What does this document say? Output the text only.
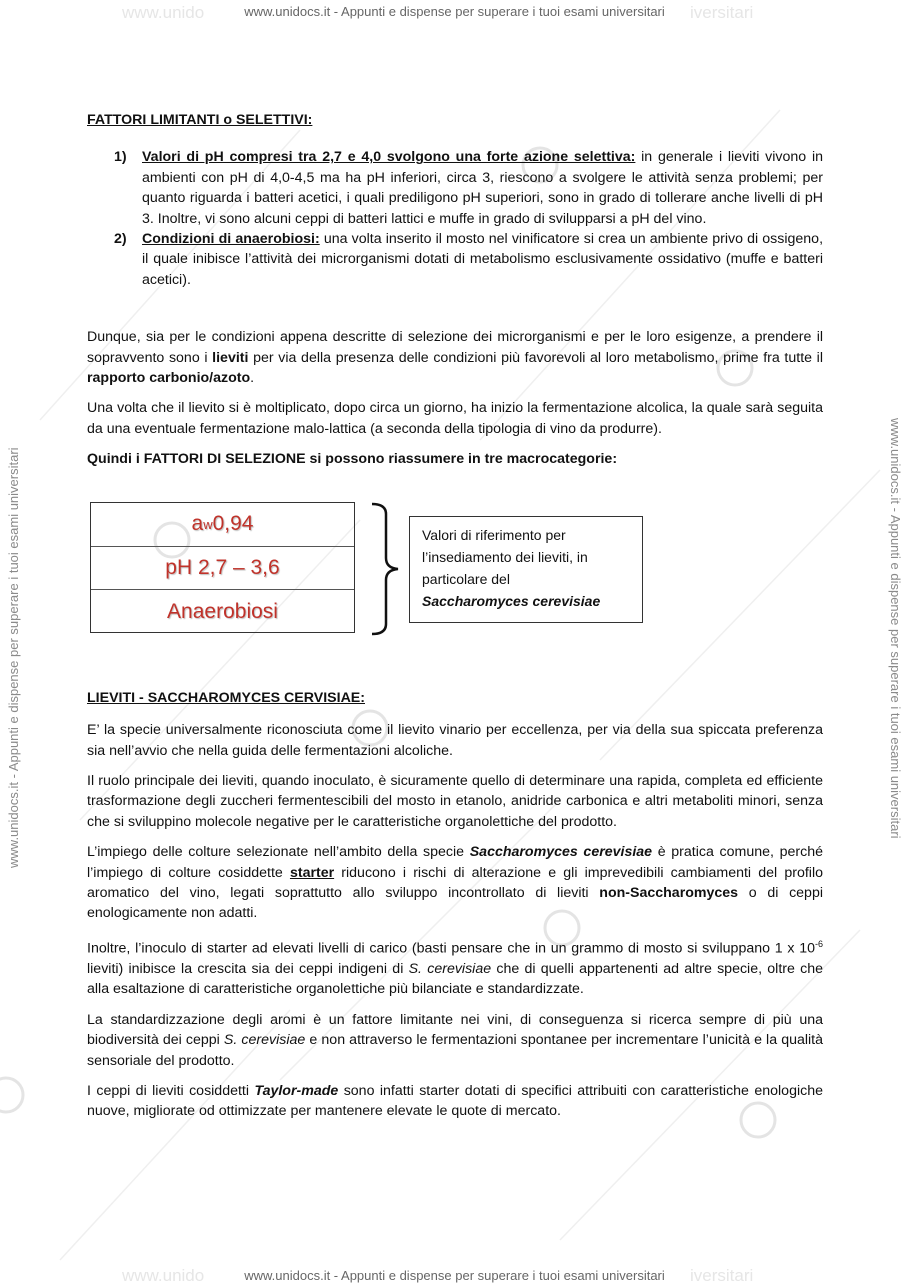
www.unido	iversitari
www.unidocs.it - Appunti e dispense per superare i tuoi esami universitari
www.unido	iversitari
www.unidocs.it - Appunti e dispense per superare i tuoi esami universitari
www.unidocs.it - Appunti e dispense per superare i tuoi esami universitari	www.unidocs.it - Appunti e dispense per superare i tuoi esami universitari
FATTORI LIMITANTI o SELETTIVI:
1) Valori di pH compresi tra 2,7 e 4,0 svolgono una forte azione selettiva: in generale i lieviti vivono in ambienti con pH di 4,0-4,5 ma ha pH inferiori, circa 3, riescono a svolgere le attività senza problemi; per quanto riguarda i batteri acetici, i quali prediligono pH superiori, sono in grado di tollerare anche livelli di pH 3. Inoltre, vi sono alcuni ceppi di batteri lattici e muffe in grado di svilupparsi a pH del vino.
2) Condizioni di anaerobiosi: una volta inserito il mosto nel vinificatore si crea un ambiente privo di ossigeno, il quale inibisce l’attività dei microrganismi dotati di metabolismo esclusivamente ossidativo (muffe e batteri acetici).

Dunque, sia per le condizioni appena descritte di selezione dei microrganismi e per le loro esigenze, a prendere il sopravvento sono i lieviti per via della presenza delle condizioni più favorevoli al loro metabolismo, prime fra tutte il rapporto carbonio/azoto.

Una volta che il lievito si è moltiplicato, dopo circa un giorno, ha inizio la fermentazione alcolica, la quale sarà seguita da una eventuale fermentazione malo-lattica (a seconda della tipologia di vino da produrre).

Quindi i FATTORI DI SELEZIONE si possono riassumere in tre macrocategorie:

LIEVITI - SACCHAROMYCES CERVISIAE:

E’ la specie universalmente riconosciuta come il lievito vinario per eccellenza, per via della sua spiccata preferenza sia nell’avvio che nella guida delle fermentazioni alcoliche.

Il ruolo principale dei lieviti, quando inoculato, è sicuramente quello di determinare una rapida, completa ed efficiente trasformazione degli zuccheri fermentescibili del mosto in etanolo, anidride carbonica e altri metaboliti minori, senza che si sviluppino molecole negative per le caratteristiche organolettiche del prodotto.

L’impiego delle colture selezionate nell’ambito della specie Saccharomyces cerevisiae è pratica comune, perché l’impiego di colture cosiddette starter riducono i rischi di alterazione e gli imprevedibili cambiamenti del profilo aromatico del vino, legati soprattutto allo sviluppo incontrollato di lieviti non-Saccharomyces o di ceppi enologicamente non adatti.

Inoltre, l’inoculo di starter ad elevati livelli di carico (basti pensare che in un grammo di mosto si sviluppano 1 x $10^{-6}$ lieviti) inibisce la crescita sia dei ceppi indigeni di S. cerevisiae che di quelli appartenenti ad altre specie, oltre che alla esaltazione di caratteristiche organolettiche più bilanciate e standardizzate.

La standardizzazione degli aromi è un fattore limitante nei vini, di conseguenza si ricerca sempre di più una biodiversità dei ceppi S. cerevisiae e non attraverso le fermentazioni spontanee per incrementare l’unicità e la qualità sensoriale del prodotto.

I ceppi di lieviti cosiddetti Taylor-made sono infatti starter dotati di specifici attribuiti con caratteristiche enologiche nuove, migliorate od ottimizzate per mantenere elevate le quote di mercato.

a w 0,94
pH 2,7 – 3,6
Anaerobiosi
Valori di riferimento per
l’insediamento dei lieviti, in
particolare del
Saccharomyces cerevisiae
